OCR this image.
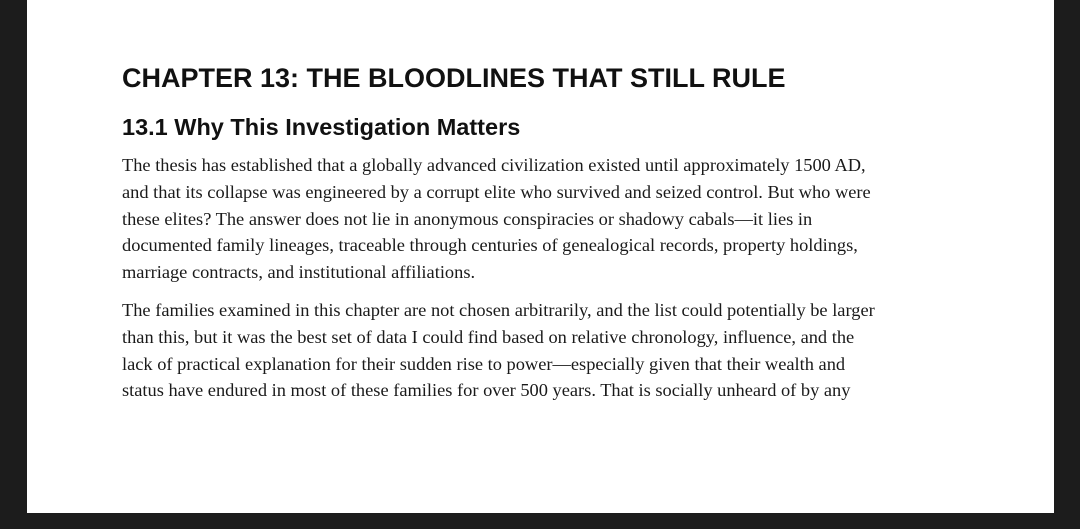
CHAPTER 13: THE BLOODLINES THAT STILL RULE
13.1 Why This Investigation Matters

The thesis has established that a globally advanced civilization existed until approximately 1500 AD,
and that its collapse was engineered by a corrupt elite who survived and seized control. But who were
these elites? The answer does not lie in anonymous conspiracies or shadowy cabals—it lies in
documented family lineages, traceable through centuries of genealogical records, property holdings,
marriage contracts, and institutional affiliations.

The families examined in this chapter are not chosen arbitrarily, and the list could potentially be larger
than this, but it was the best set of data I could find based on relative chronology, influence, and the
lack of practical explanation for their sudden rise to power—especially given that their wealth and
status have endured in most of these families for over 500 years. That is socially unheard of by any
